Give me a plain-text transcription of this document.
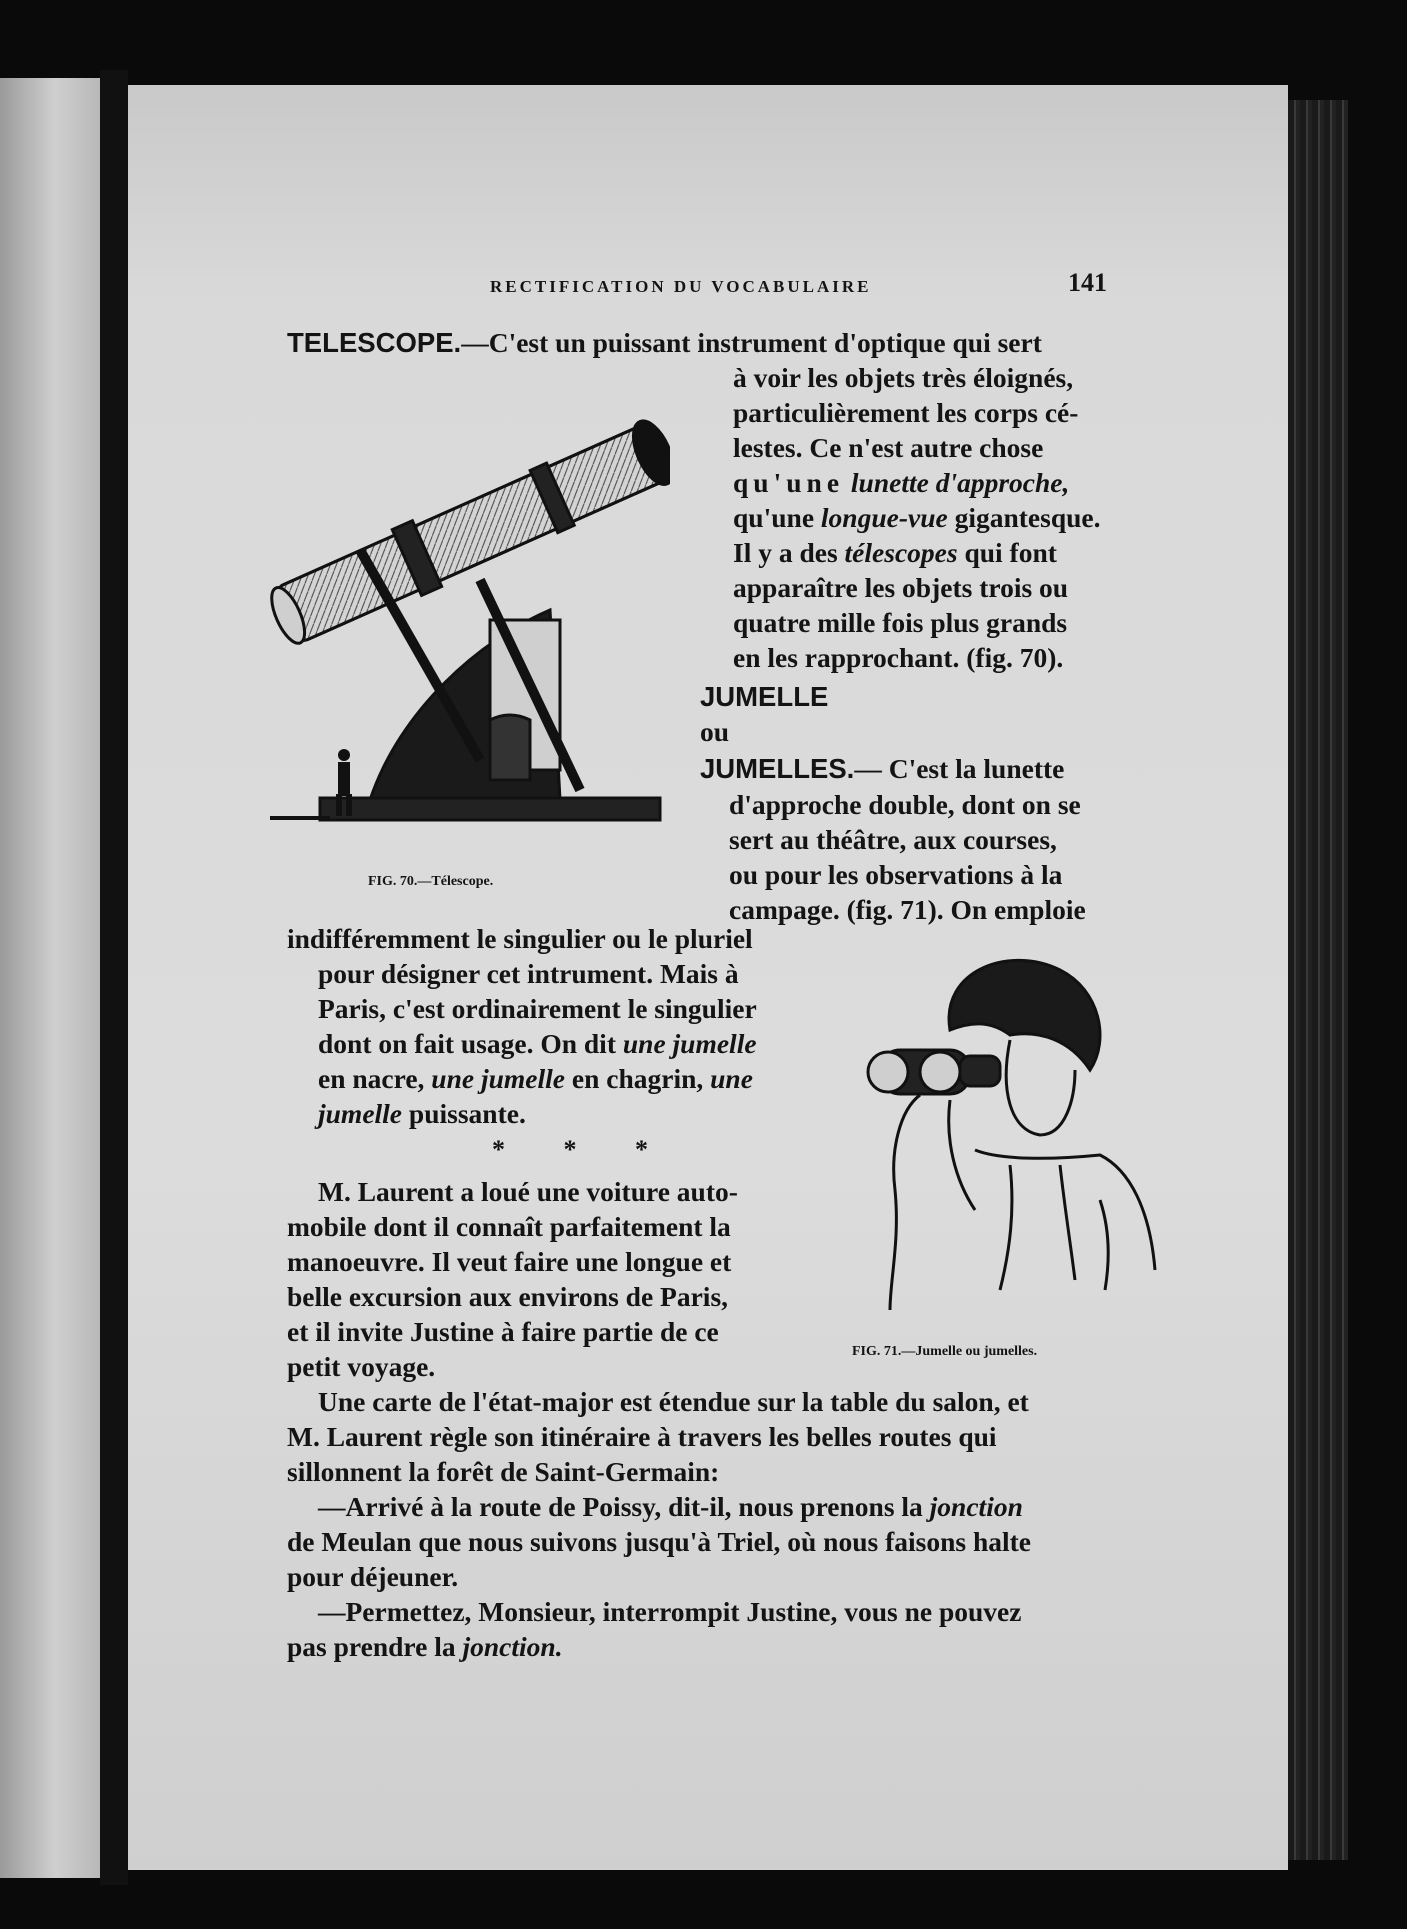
RECTIFICATION DU VOCABULAIRE	141
TELESCOPE.—C'est un puissant instrument d'optique qui sert
à voir les objets très éloignés,
particulièrement les corps cé-
lestes. Ce n'est autre chose
qu'une lunette d'approche,
qu'une longue-vue gigantesque.
Il y a des télescopes qui font
apparaître les objets trois ou
quatre mille fois plus grands
en les rapprochant. (fig. 70).
JUMELLE
ou
JUMELLES.— C'est la lunette
d'approche double, dont on se
sert au théâtre, aux courses,
ou pour les observations à la
campage. (fig. 71). On emploie
indifféremment le singulier ou le pluriel
pour désigner cet intrument. Mais à
Paris, c'est ordinairement le singulier
dont on fait usage. On dit une jumelle
en nacre, une jumelle en chagrin, une
jumelle puissante.
* * *
M. Laurent a loué une voiture auto-
mobile dont il connaît parfaitement la
manoeuvre. Il veut faire une longue et
belle excursion aux environs de Paris,
et il invite Justine à faire partie de ce
petit voyage.
Une carte de l'état-major est étendue sur la table du salon, et
M. Laurent règle son itinéraire à travers les belles routes qui
sillonnent la forêt de Saint-Germain:
—Arrivé à la route de Poissy, dit-il, nous prenons la jonction
de Meulan que nous suivons jusqu'à Triel, où nous faisons halte
pour déjeuner.
—Permettez, Monsieur, interrompit Justine, vous ne pouvez
pas prendre la jonction.
FIG. 70.—Télescope.
FIG. 71.—Jumelle ou jumelles.
